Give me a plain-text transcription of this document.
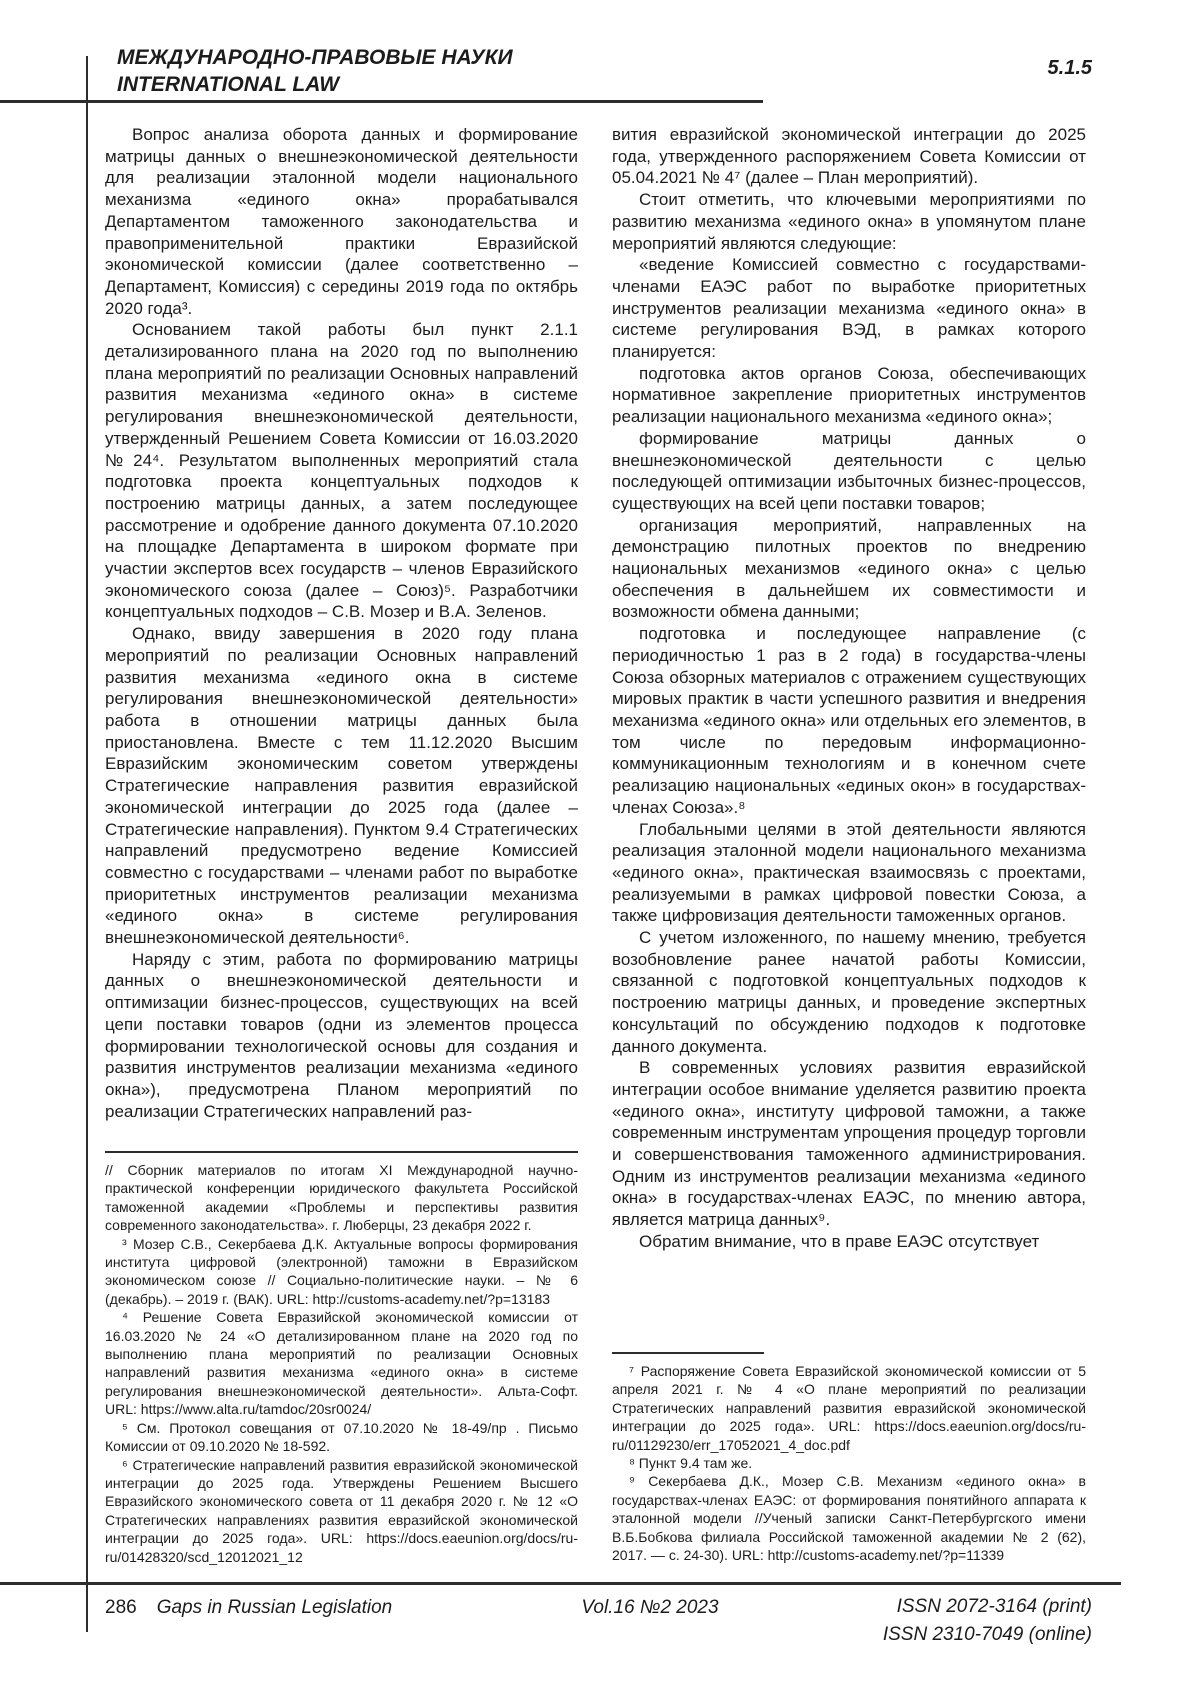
МЕЖДУНАРОДНО-ПРАВОВЫЕ НАУКИ
INTERNATIONAL LAW
5.1.5

Вопрос анализа оборота данных и формирование матрицы данных о внешнеэкономической деятельности для реализации эталонной модели национального механизма «единого окна» прорабатывался Департаментом таможенного законодательства и правоприменительной практики Евразийской экономической комиссии (далее соответственно – Департамент, Комиссия) с середины 2019 года по октябрь 2020 года³.

Основанием такой работы был пункт 2.1.1 детализированного плана на 2020 год по выполнению плана мероприятий по реализации Основных направлений развития механизма «единого окна» в системе регулирования внешнеэкономической деятельности, утвержденный Решением Совета Комиссии от 16.03.2020 №24⁴. Результатом выполненных мероприятий стала подготовка проекта концептуальных подходов к построению матрицы данных, а затем последующее рассмотрение и одобрение данного документа 07.10.2020 на площадке Департамента в широком формате при участии экспертов всех государств – членов Евразийского экономического союза (далее – Союз)⁵. Разработчики концептуальных подходов – С.В. Мозер и В.А. Зеленов.

Однако, ввиду завершения в 2020 году плана мероприятий по реализации Основных направлений развития механизма «единого окна в системе регулирования внешнеэкономической деятельности» работа в отношении матрицы данных была приостановлена. Вместе с тем 11.12.2020 Высшим Евразийским экономическим советом утверждены Стратегические направления развития евразийской экономической интеграции до 2025 года (далее – Стратегические направления). Пунктом 9.4 Стратегических направлений предусмотрено ведение Комиссией совместно с государствами – членами работ по выработке приоритетных инструментов реализации механизма «единого окна» в системе регулирования внешнеэкономической деятельности⁶.

Наряду с этим, работа по формированию матрицы данных о внешнеэкономической деятельности и оптимизации бизнес-процессов, существующих на всей цепи поставки товаров (одни из элементов процесса формировании технологической основы для создания и развития инструментов реализации механизма «единого окна»), предусмотрена Планом мероприятий по реализации Стратегических направлений раз-

вития евразийской экономической интеграции до 2025 года, утвержденного распоряжением Совета Комиссии от 05.04.2021 № 4⁷ (далее – План мероприятий).

Стоит отметить, что ключевыми мероприятиями по развитию механизма «единого окна» в упомянутом плане мероприятий являются следующие:

«ведение Комиссией совместно с государствами-членами ЕАЭС работ по выработке приоритетных инструментов реализации механизма «единого окна» в системе регулирования ВЭД, в рамках которого планируется:

подготовка актов органов Союза, обеспечивающих нормативное закрепление приоритетных инструментов реализации национального механизма «единого окна»;

формирование матрицы данных о внешнеэкономической деятельности с целью последующей оптимизации избыточных бизнес-процессов, существующих на всей цепи поставки товаров;

организация мероприятий, направленных на демонстрацию пилотных проектов по внедрению национальных механизмов «единого окна» с целью обеспечения в дальнейшем их совместимости и возможности обмена данными;

подготовка и последующее направление (с периодичностью 1 раз в 2 года) в государства-члены Союза обзорных материалов с отражением существующих мировых практик в части успешного развития и внедрения механизма «единого окна» или отдельных его элементов, в том числе по передовым информационно-коммуникационным технологиям и в конечном счете реализацию национальных «единых окон» в государствах-членах Союза».⁸

Глобальными целями в этой деятельности являются реализация эталонной модели национального механизма «единого окна», практическая взаимосвязь с проектами, реализуемыми в рамках цифровой повестки Союза, а также цифровизация деятельности таможенных органов.

С учетом изложенного, по нашему мнению, требуется возобновление ранее начатой работы Комиссии, связанной с подготовкой концептуальных подходов к построению матрицы данных, и проведение экспертных консультаций по обсуждению подходов к подготовке данного документа.

В современных условиях развития евразийской интеграции особое внимание уделяется развитию проекта «единого окна», институту цифровой таможни, а также современным инструментам упрощения процедур торговли и совершенствования таможенного администрирования. Одним из инструментов реализации механизма «единого окна» в государствах-членах ЕАЭС, по мнению автора, является матрица данных⁹.

Обратим внимание, что в праве ЕАЭС отсутствует

// Сборник материалов по итогам XI Международной научно-практической конференции юридического факультета Российской таможенной академии «Проблемы и перспективы развития современного законодательства». г. Люберцы, 23 декабря 2022 г.

³ Мозер С.В., Секербаева Д.К. Актуальные вопросы формирования института цифровой (электронной) таможни в Евразийском экономическом союзе // Социально-политические науки. – № 6 (декабрь). – 2019 г. (ВАК). URL: http://customs-academy.net/?p=13183

⁴ Решение Совета Евразийской экономической комиссии от 16.03.2020 № 24 «О детализированном плане на 2020 год по выполнению плана мероприятий по реализации Основных направлений развития механизма «единого окна» в системе регулирования внешнеэкономической деятельности». Альта-Софт. URL: https://www.alta.ru/tamdoc/20sr0024/

⁵ См. Протокол совещания от 07.10.2020 № 18-49/пр . Письмо Комиссии от 09.10.2020 № 18-592.

⁶ Стратегические направлений развития евразийской экономической интеграции до 2025 года. Утверждены Решением Высшего Евразийского экономического совета от 11 декабря 2020 г. № 12 «О Стратегических направлениях развития евразийской экономической интеграции до 2025 года». URL: https://docs.eaeunion.org/docs/ru-ru/01428320/scd_12012021_12

⁷ Распоряжение Совета Евразийской экономической комиссии от 5 апреля 2021 г. № 4 «О плане мероприятий по реализации Стратегических направлений развития евразийской экономической интеграции до 2025 года». URL: https://docs.eaeunion.org/docs/ru-ru/01129230/err_17052021_4_doc.pdf

⁸ Пункт 9.4 там же.

⁹ Секербаева Д.К., Мозер С.В. Механизм «единого окна» в государствах-членах ЕАЭС: от формирования понятийного аппарата к эталонной модели //Ученый записки Санкт-Петербургского имени В.Б.Бобкова филиала Российской таможенной академии № 2 (62), 2017. — с. 24-30). URL: http://customs-academy.net/?p=11339

286 Gaps in Russian Legislation	Vol.16 №2 2023	ISSN 2072-3164 (print)
ISSN 2310-7049 (online)
